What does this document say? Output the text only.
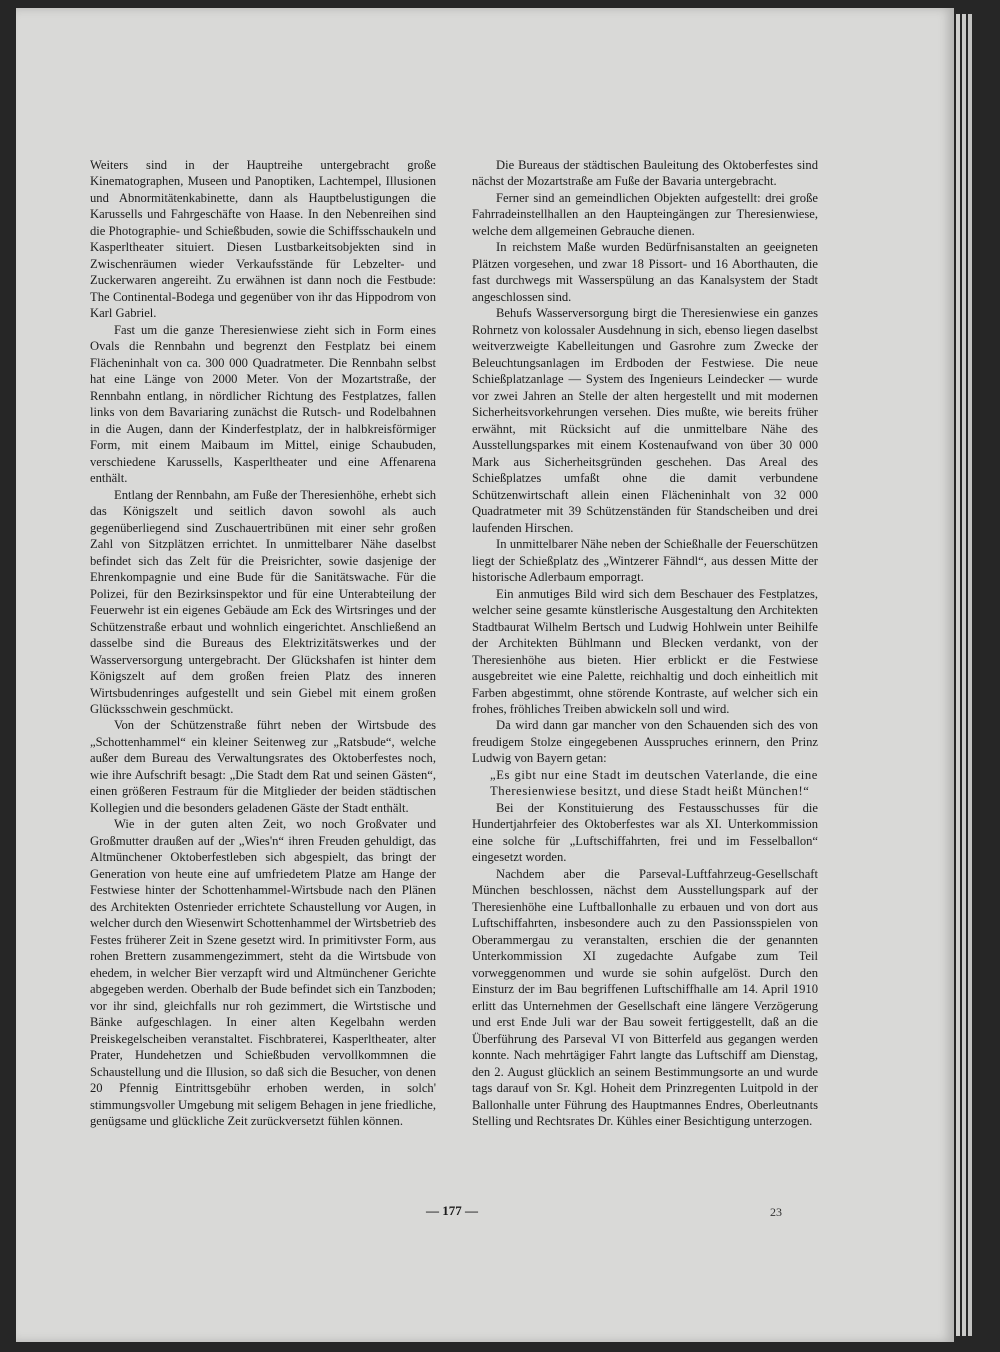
Weiters sind in der Hauptreihe untergebracht große Kinematographen, Museen und Panoptiken, Lachtempel, Illusionen und Abnormitätenkabinette, dann als Hauptbelustigungen die Karussells und Fahrgeschäfte von Haase. In den Nebenreihen sind die Photographie- und Schießbuden, sowie die Schiffsschaukeln und Kasperltheater situiert. Diesen Lustbarkeitsobjekten sind in Zwischenräumen wieder Verkaufsstände für Lebzelter- und Zuckerwaren angereiht. Zu erwähnen ist dann noch die Festbude: The Continental-Bodega und gegenüber von ihr das Hippodrom von Karl Gabriel.

Fast um die ganze Theresienwiese zieht sich in Form eines Ovals die Rennbahn und begrenzt den Festplatz bei einem Flächeninhalt von ca. 300 000 Quadratmeter. Die Rennbahn selbst hat eine Länge von 2000 Meter. Von der Mozartstraße, der Rennbahn entlang, in nördlicher Richtung des Festplatzes, fallen links von dem Bavariaring zunächst die Rutsch- und Rodelbahnen in die Augen, dann der Kinderfestplatz, der in halbkreisförmiger Form, mit einem Maibaum im Mittel, einige Schaubuden, verschiedene Karussells, Kasperltheater und eine Affenarena enthält.

Entlang der Rennbahn, am Fuße der Theresienhöhe, erhebt sich das Königszelt und seitlich davon sowohl als auch gegenüberliegend sind Zuschauertribünen mit einer sehr großen Zahl von Sitzplätzen errichtet. In unmittelbarer Nähe daselbst befindet sich das Zelt für die Preisrichter, sowie dasjenige der Ehrenkompagnie und eine Bude für die Sanitätswache. Für die Polizei, für den Bezirksinspektor und für eine Unterabteilung der Feuerwehr ist ein eigenes Gebäude am Eck des Wirtsringes und der Schützenstraße erbaut und wohnlich eingerichtet. Anschließend an dasselbe sind die Bureaus des Elektrizitätswerkes und der Wasserversorgung untergebracht. Der Glückshafen ist hinter dem Königszelt auf dem großen freien Platz des inneren Wirtsbudenringes aufgestellt und sein Giebel mit einem großen Glücksschwein geschmückt.

Von der Schützenstraße führt neben der Wirtsbude des „Schottenhammel“ ein kleiner Seitenweg zur „Ratsbude“, welche außer dem Bureau des Verwaltungsrates des Oktoberfestes noch, wie ihre Aufschrift besagt: „Die Stadt dem Rat und seinen Gästen“, einen größeren Festraum für die Mitglieder der beiden städtischen Kollegien und die besonders geladenen Gäste der Stadt enthält.

Wie in der guten alten Zeit, wo noch Großvater und Großmutter draußen auf der „Wies'n“ ihren Freuden gehuldigt, das Altmünchener Oktoberfestleben sich abgespielt, das bringt der Generation von heute eine auf umfriedetem Platze am Hange der Festwiese hinter der Schottenhammel-Wirtsbude nach den Plänen des Architekten Ostenrieder errichtete Schaustellung vor Augen, in welcher durch den Wiesenwirt Schottenhammel der Wirtsbetrieb des Festes früherer Zeit in Szene gesetzt wird. In primitivster Form, aus rohen Brettern zusammengezimmert, steht da die Wirtsbude von ehedem, in welcher Bier verzapft wird und Altmünchener Gerichte abgegeben werden. Oberhalb der Bude befindet sich ein Tanzboden; vor ihr sind, gleichfalls nur roh gezimmert, die Wirtstische und Bänke aufgeschlagen. In einer alten Kegelbahn werden Preiskegelscheiben veranstaltet. Fischbraterei, Kasperltheater, alter Prater, Hundehetzen und Schießbuden vervollkommnen die Schaustellung und die Illusion, so daß sich die Besucher, von denen 20 Pfennig Eintrittsgebühr erhoben werden, in solch' stimmungsvoller Umgebung mit seligem Behagen in jene friedliche, genügsame und glückliche Zeit zurückversetzt fühlen können.

Die Bureaus der städtischen Bauleitung des Oktoberfestes sind nächst der Mozartstraße am Fuße der Bavaria untergebracht.

Ferner sind an gemeindlichen Objekten aufgestellt: drei große Fahrradeinstellhallen an den Haupteingängen zur Theresienwiese, welche dem allgemeinen Gebrauche dienen.

In reichstem Maße wurden Bedürfnisanstalten an geeigneten Plätzen vorgesehen, und zwar 18 Pissort- und 16 Aborthauten, die fast durchwegs mit Wasserspülung an das Kanalsystem der Stadt angeschlossen sind.

Behufs Wasserversorgung birgt die Theresienwiese ein ganzes Rohrnetz von kolossaler Ausdehnung in sich, ebenso liegen daselbst weitverzweigte Kabelleitungen und Gasrohre zum Zwecke der Beleuchtungsanlagen im Erdboden der Festwiese. Die neue Schießplatzanlage — System des Ingenieurs Leindecker — wurde vor zwei Jahren an Stelle der alten hergestellt und mit modernen Sicherheitsvorkehrungen versehen. Dies mußte, wie bereits früher erwähnt, mit Rücksicht auf die unmittelbare Nähe des Ausstellungsparkes mit einem Kostenaufwand von über 30 000 Mark aus Sicherheitsgründen geschehen. Das Areal des Schießplatzes umfaßt ohne die damit verbundene Schützenwirtschaft allein einen Flächeninhalt von 32 000 Quadratmeter mit 39 Schützenständen für Standscheiben und drei laufenden Hirschen.

In unmittelbarer Nähe neben der Schießhalle der Feuerschützen liegt der Schießplatz des „Wintzerer Fähndl“, aus dessen Mitte der historische Adlerbaum emporragt.

Ein anmutiges Bild wird sich dem Beschauer des Festplatzes, welcher seine gesamte künstlerische Ausgestaltung den Architekten Stadtbaurat Wilhelm Bertsch und Ludwig Hohlwein unter Beihilfe der Architekten Bühlmann und Blecken verdankt, von der Theresienhöhe aus bieten. Hier erblickt er die Festwiese ausgebreitet wie eine Palette, reichhaltig und doch einheitlich mit Farben abgestimmt, ohne störende Kontraste, auf welcher sich ein frohes, fröhliches Treiben abwickeln soll und wird.

Da wird dann gar mancher von den Schauenden sich des von freudigem Stolze eingegebenen Ausspruches erinnern, den Prinz Ludwig von Bayern getan:

„Es gibt nur eine Stadt im deutschen Vaterlande, die eine Theresienwiese besitzt, und diese Stadt heißt München!“

Bei der Konstituierung des Festausschusses für die Hundertjahrfeier des Oktoberfestes war als XI. Unterkommission eine solche für „Luftschiffahrten, frei und im Fesselballon“ eingesetzt worden.

Nachdem aber die Parseval-Luftfahrzeug-Gesellschaft München beschlossen, nächst dem Ausstellungspark auf der Theresienhöhe eine Luftballonhalle zu erbauen und von dort aus Luftschiffahrten, insbesondere auch zu den Passionsspielen von Oberammergau zu veranstalten, erschien die der genannten Unterkommission XI zugedachte Aufgabe zum Teil vorweggenommen und wurde sie sohin aufgelöst. Durch den Einsturz der im Bau begriffenen Luftschiffhalle am 14. April 1910 erlitt das Unternehmen der Gesellschaft eine längere Verzögerung und erst Ende Juli war der Bau soweit fertiggestellt, daß an die Überführung des Parseval VI von Bitterfeld aus gegangen werden konnte. Nach mehrtägiger Fahrt langte das Luftschiff am Dienstag, den 2. August glücklich an seinem Bestimmungsorte an und wurde tags darauf von Sr. Kgl. Hoheit dem Prinzregenten Luitpold in der Ballonhalle unter Führung des Hauptmannes Endres, Oberleutnants Stelling und Rechtsrates Dr. Kühles einer Besichtigung unterzogen.

— 177 —	23
